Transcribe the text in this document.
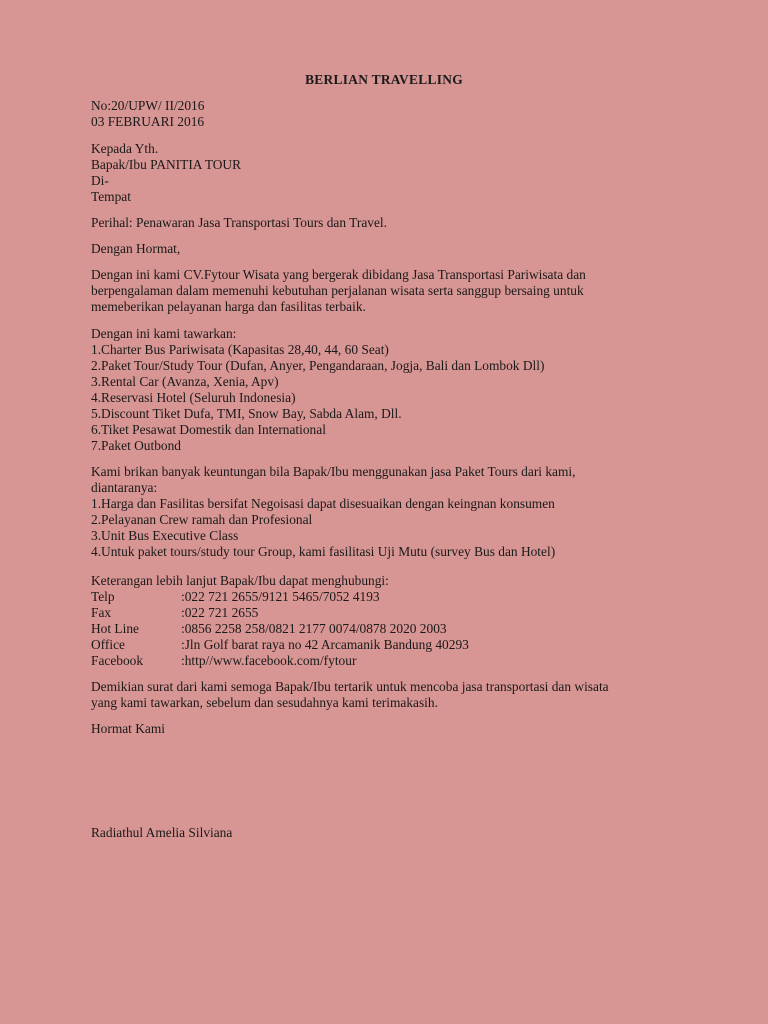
BERLIAN TRAVELLING
No:20/UPW/ II/2016
03 FEBRUARI 2016
Kepada Yth.
Bapak/Ibu PANITIA TOUR
Di-
Tempat
Perihal: Penawaran Jasa Transportasi Tours dan Travel.
Dengan Hormat,
Dengan ini kami CV.Fytour Wisata yang bergerak dibidang Jasa Transportasi Pariwisata dan
berpengalaman dalam memenuhi kebutuhan perjalanan wisata serta sanggup bersaing untuk
memeberikan pelayanan harga dan fasilitas terbaik.
Dengan ini kami tawarkan:
1.Charter Bus Pariwisata (Kapasitas 28,40, 44, 60 Seat)
2.Paket Tour/Study Tour (Dufan, Anyer, Pengandaraan, Jogja, Bali dan Lombok Dll)
3.Rental Car (Avanza, Xenia, Apv)
4.Reservasi Hotel (Seluruh Indonesia)
5.Discount Tiket Dufa, TMI, Snow Bay, Sabda Alam, Dll.
6.Tiket Pesawat Domestik dan International
7.Paket Outbond
Kami brikan banyak keuntungan bila Bapak/Ibu menggunakan jasa Paket Tours dari kami,
diantaranya:
1.Harga dan Fasilitas bersifat Negoisasi dapat disesuaikan dengan keingnan konsumen
2.Pelayanan Crew ramah dan Profesional
3.Unit Bus Executive Class
4.Untuk paket tours/study tour Group, kami fasilitasi Uji Mutu (survey Bus dan Hotel)
Keterangan lebih lanjut Bapak/Ibu dapat menghubungi:
Telp	:022 721 2655/9121 5465/7052 4193
Fax	:022 721 2655
Hot Line	:0856 2258 258/0821 2177 0074/0878 2020 2003
Office	:Jln Golf barat raya no 42 Arcamanik Bandung 40293
Facebook	:http//www.facebook.com/fytour
Demikian surat dari kami semoga Bapak/Ibu tertarik untuk mencoba jasa transportasi dan wisata
yang kami tawarkan, sebelum dan sesudahnya kami terimakasih.
Hormat Kami
Radiathul Amelia Silviana
